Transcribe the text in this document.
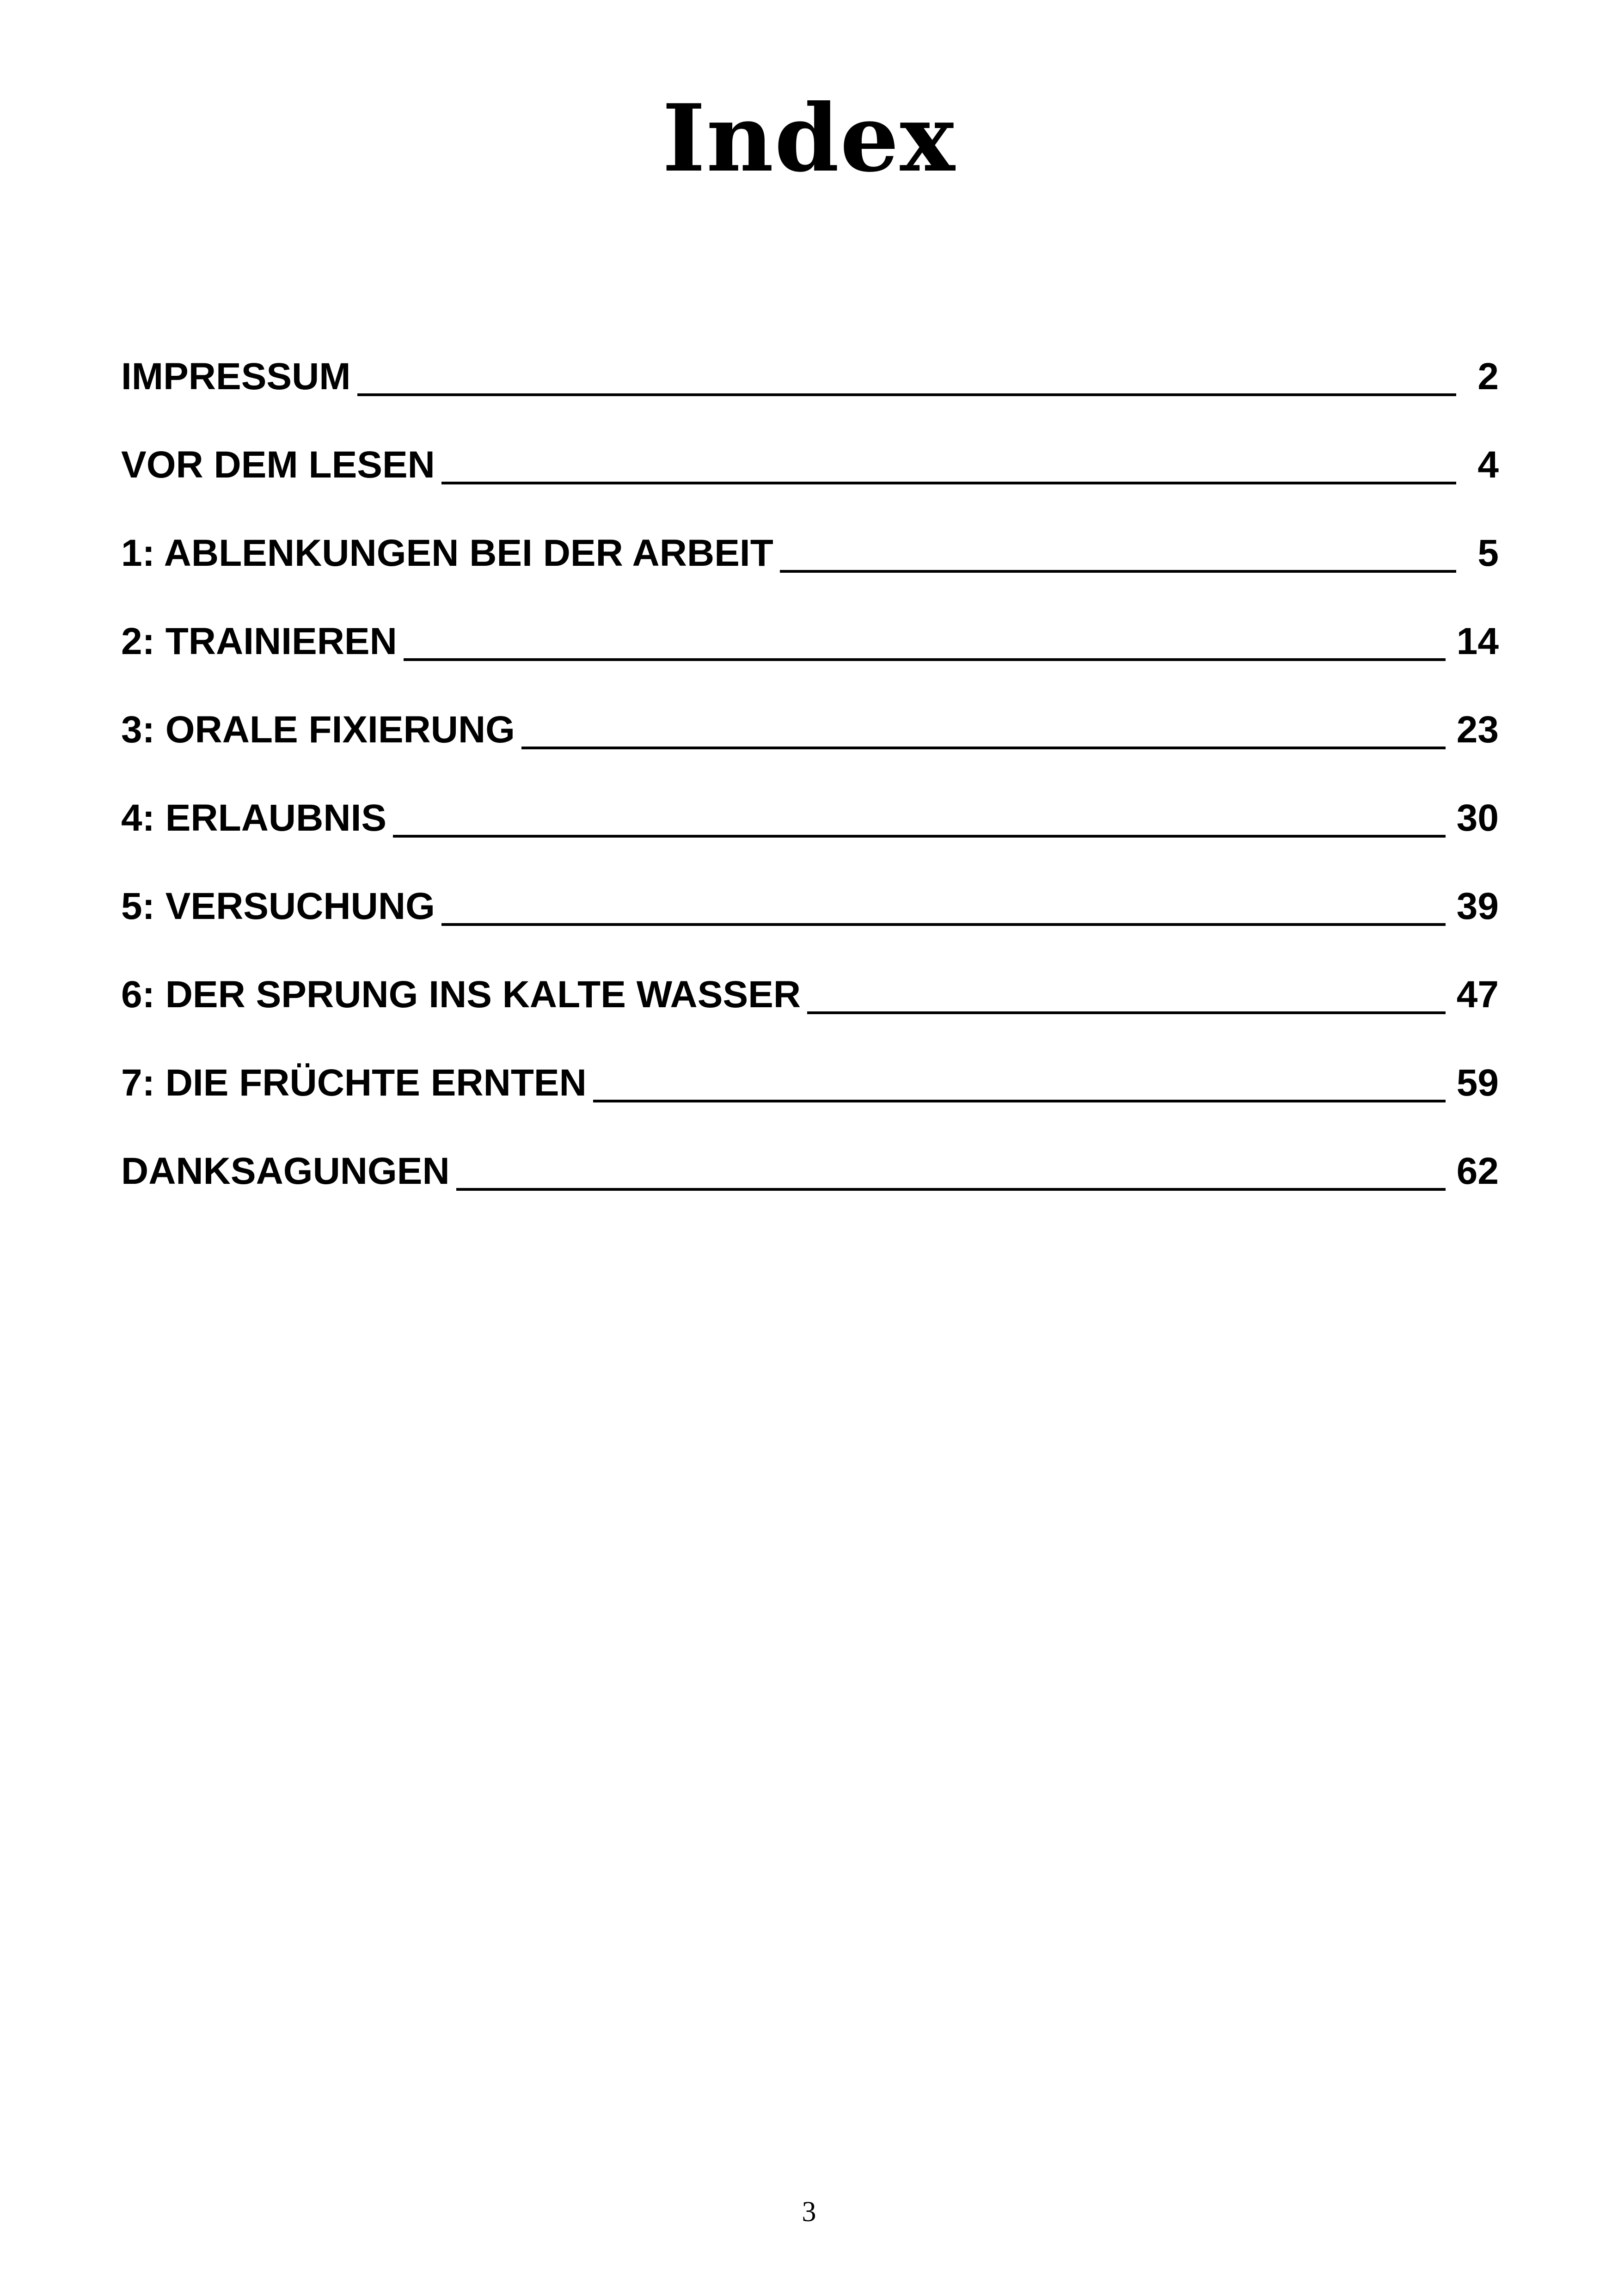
Index
IMPRESSUM	2
VOR DEM LESEN	4
1: ABLENKUNGEN BEI DER ARBEIT	5
2: TRAINIEREN	14
3: ORALE FIXIERUNG	23
4: ERLAUBNIS	30
5: VERSUCHUNG	39
6: DER SPRUNG INS KALTE WASSER	47
7: DIE FRÜCHTE ERNTEN	59
DANKSAGUNGEN	62
3
